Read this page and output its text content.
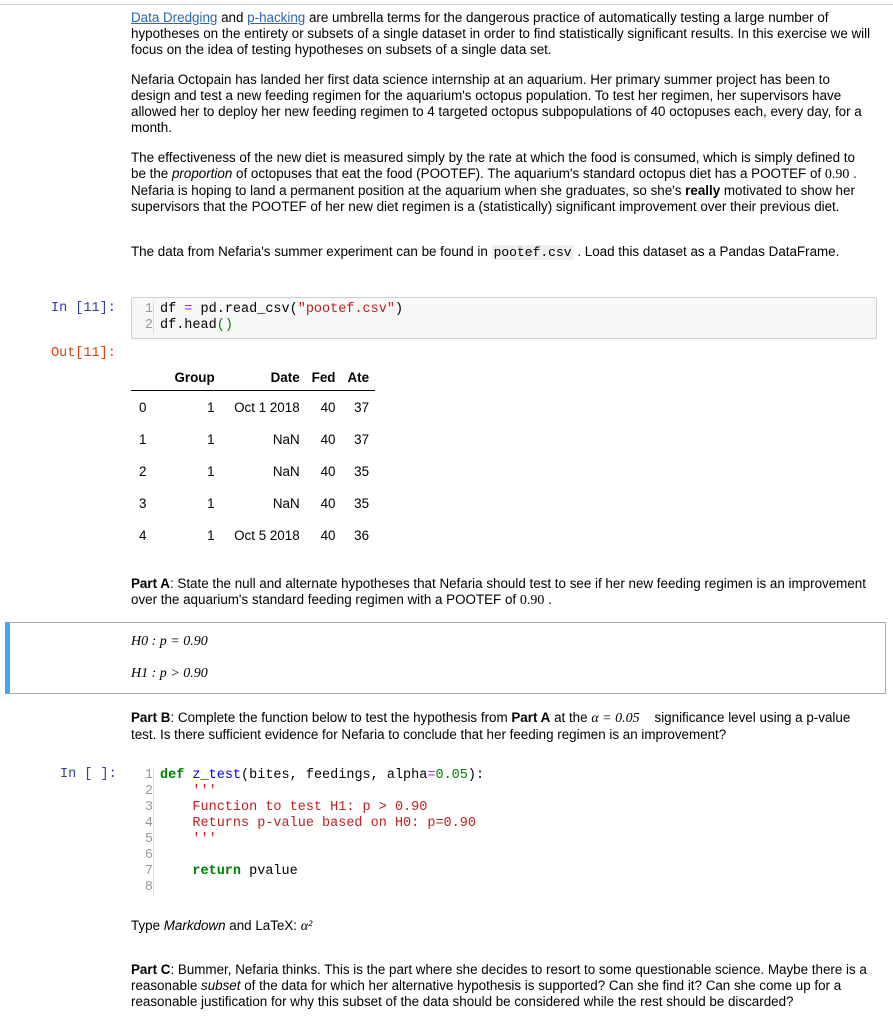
Data Dredging and p-hacking are umbrella terms for the dangerous practice of automatically testing a large number of hypotheses on the entirety or subsets of a single dataset in order to find statistically significant results. In this exercise we will focus on the idea of testing hypotheses on subsets of a single data set.

Nefaria Octopain has landed her first data science internship at an aquarium. Her primary summer project has been to design and test a new feeding regimen for the aquarium's octopus population. To test her regimen, her supervisors have allowed her to deploy her new feeding regimen to 4 targeted octopus subpopulations of 40 octopuses each, every day, for a month.

The effectiveness of the new diet is measured simply by the rate at which the food is consumed, which is simply defined to be the proportion of octopuses that eat the food (POOTEF). The aquarium's standard octopus diet has a POOTEF of 0.90 . Nefaria is hoping to land a permanent position at the aquarium when she graduates, so she's really motivated to show her supervisors that the POOTEF of her new diet regimen is a (statistically) significant improvement over their previous diet.

The data from Nefaria's summer experiment can be found in pootef.csv . Load this dataset as a Pandas DataFrame.

In [11]:	1
2
df = pd.read_csv("pootef.csv")
df.head()
Out[11]:
	Group	Date	Fed	Ate
0	1	Oct 1 2018	40	37
1	1	NaN	40	37
2	1	NaN	40	35
3	1	NaN	40	35
4	1	Oct 5 2018	40	36

Part A: State the null and alternate hypotheses that Nefaria should test to see if her new feeding regimen is an improvement over the aquarium's standard feeding regimen with a POOTEF of 0.90 .

H0 : p = 0.90
H1 : p > 0.90

Part B: Complete the function below to test the hypothesis from Part A at the α = 0.05 significance level using a p-value test. Is there sufficient evidence for Nefaria to conclude that her feeding regimen is an improvement?

In [ ]:	1
2
3
4
5
6
7
8
def z_test(bites, feedings, alpha=0.05):
'''
Function to test H1: p > 0.90
Returns p-value based on H0: p=0.90
'''

return pvalue

Type Markdown and LaTeX: α²

Part C: Bummer, Nefaria thinks. This is the part where she decides to resort to some questionable science. Maybe there is a reasonable subset of the data for which her alternative hypothesis is supported? Can she find it? Can she come up for a reasonable justification for why this subset of the data should be considered while the rest should be discarded?
